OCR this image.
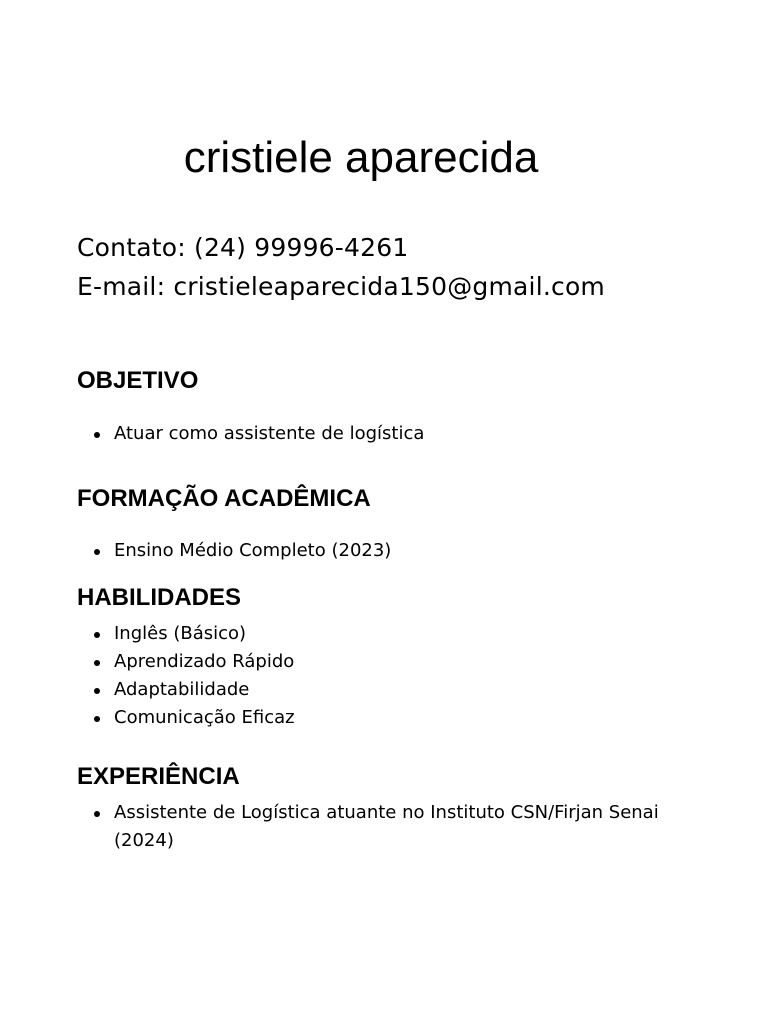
cristiele aparecida
Contato: (24) 99996-4261
E-mail: cristieleaparecida150@gmail.com
OBJETIVO
Atuar como assistente de logística
FORMAÇÃO ACADÊMICA
Ensino Médio Completo (2023)
HABILIDADES
Inglês (Básico)
Aprendizado Rápido
Adaptabilidade
Comunicação Eficaz
EXPERIÊNCIA
Assistente de Logística atuante no Instituto CSN/Firjan Senai (2024)
